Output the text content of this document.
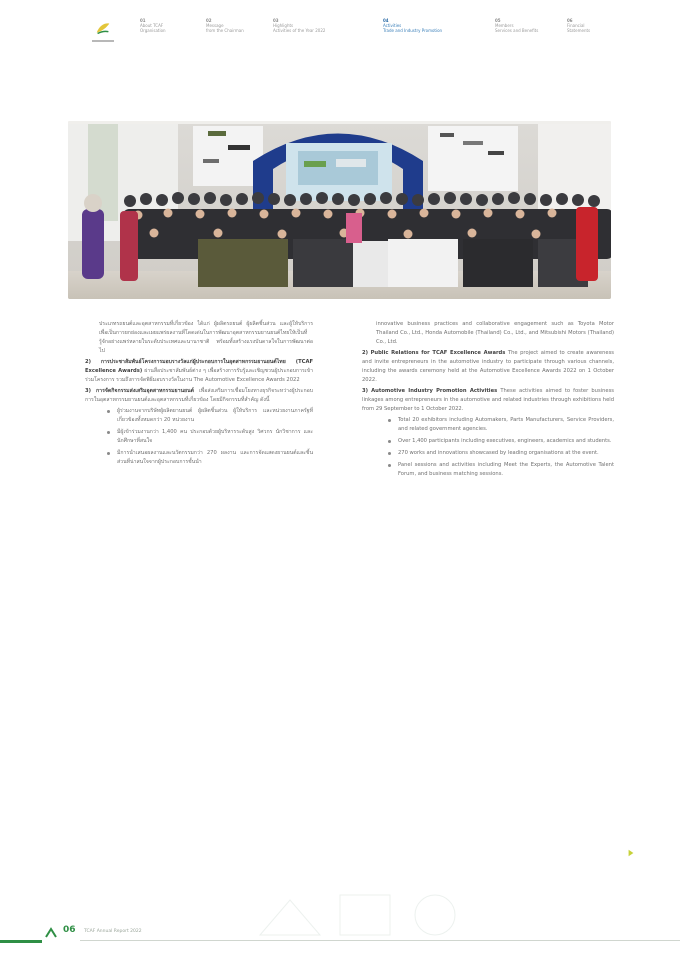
01
About TCAF
Organisation
02
Message
from the Chairman
03
Highlights
Activities of the Year 2022
04
Activities
Trade and Industry Promotion
05
Members
Services and Benefits
06
Financial
Statements

ประเภทรถยนต์และอุตสาหกรรมที่เกี่ยวข้อง ได้แก่ ผู้ผลิตรถยนต์ ผู้ผลิตชิ้นส่วน และผู้ให้บริการ เพื่อเป็นการยกย่องและเผยแพร่ผลงานที่โดดเด่นในการพัฒนาอุตสาหกรรมยานยนต์ไทยให้เป็นที่รู้จักอย่างแพร่หลายในระดับประเทศและนานาชาติ พร้อมทั้งสร้างแรงบันดาลใจในการพัฒนาต่อไป

2) การประชาสัมพันธ์โครงการมอบรางวัลแก่ผู้ประกอบการในอุตสาหกรรมยานยนต์ไทย (TCAF Excellence Awards) ผ่านสื่อประชาสัมพันธ์ต่าง ๆ เพื่อสร้างการรับรู้และเชิญชวนผู้ประกอบการเข้าร่วมโครงการ รวมถึงการจัดพิธีมอบรางวัลในงาน The Automotive Excellence Awards 2022

3) การจัดกิจกรรมส่งเสริมอุตสาหกรรมยานยนต์ เพื่อส่งเสริมการเชื่อมโยงทางธุรกิจระหว่างผู้ประกอบการในอุตสาหกรรมยานยนต์และอุตสาหกรรมที่เกี่ยวข้อง โดยมีกิจกรรมที่สำคัญ ดังนี้

ผู้ร่วมงานจากบริษัทผู้ผลิตยานยนต์ ผู้ผลิตชิ้นส่วน ผู้ให้บริการ และหน่วยงานภาครัฐที่เกี่ยวข้องทั้งหมดกว่า 20 หน่วยงาน
มีผู้เข้าร่วมงานกว่า 1,400 คน ประกอบด้วยผู้บริหารระดับสูง วิศวกร นักวิชาการ และนักศึกษาที่สนใจ
มีการนำเสนอผลงานและนวัตกรรมกว่า 270 ผลงาน และการจัดแสดงยานยนต์และชิ้นส่วนที่น่าสนใจจากผู้ประกอบการชั้นนำ

innovative business practices and collaborative engagement such as Toyota Motor Thailand Co., Ltd., Honda Automobile (Thailand) Co., Ltd., and Mitsubishi Motors (Thailand) Co., Ltd.

2) Public Relations for TCAF Excellence Awards The project aimed to create awareness and invite entrepreneurs in the automotive industry to participate through various channels, including the awards ceremony held at the Automotive Excellence Awards 2022 on 1 October 2022.

3) Automotive Industry Promotion Activities These activities aimed to foster business linkages among entrepreneurs in the automotive and related industries through exhibitions held from 29 September to 1 October 2022.

Total 20 exhibitors including Automakers, Parts Manufacturers, Service Providers, and related government agencies.
Over 1,400 participants including executives, engineers, academics and students.
270 works and innovations showcased by leading organisations at the event.
Panel sessions and activities including Meet the Experts, the Automotive Talent Forum, and business matching sessions.
06 TCAF Annual Report 2022
